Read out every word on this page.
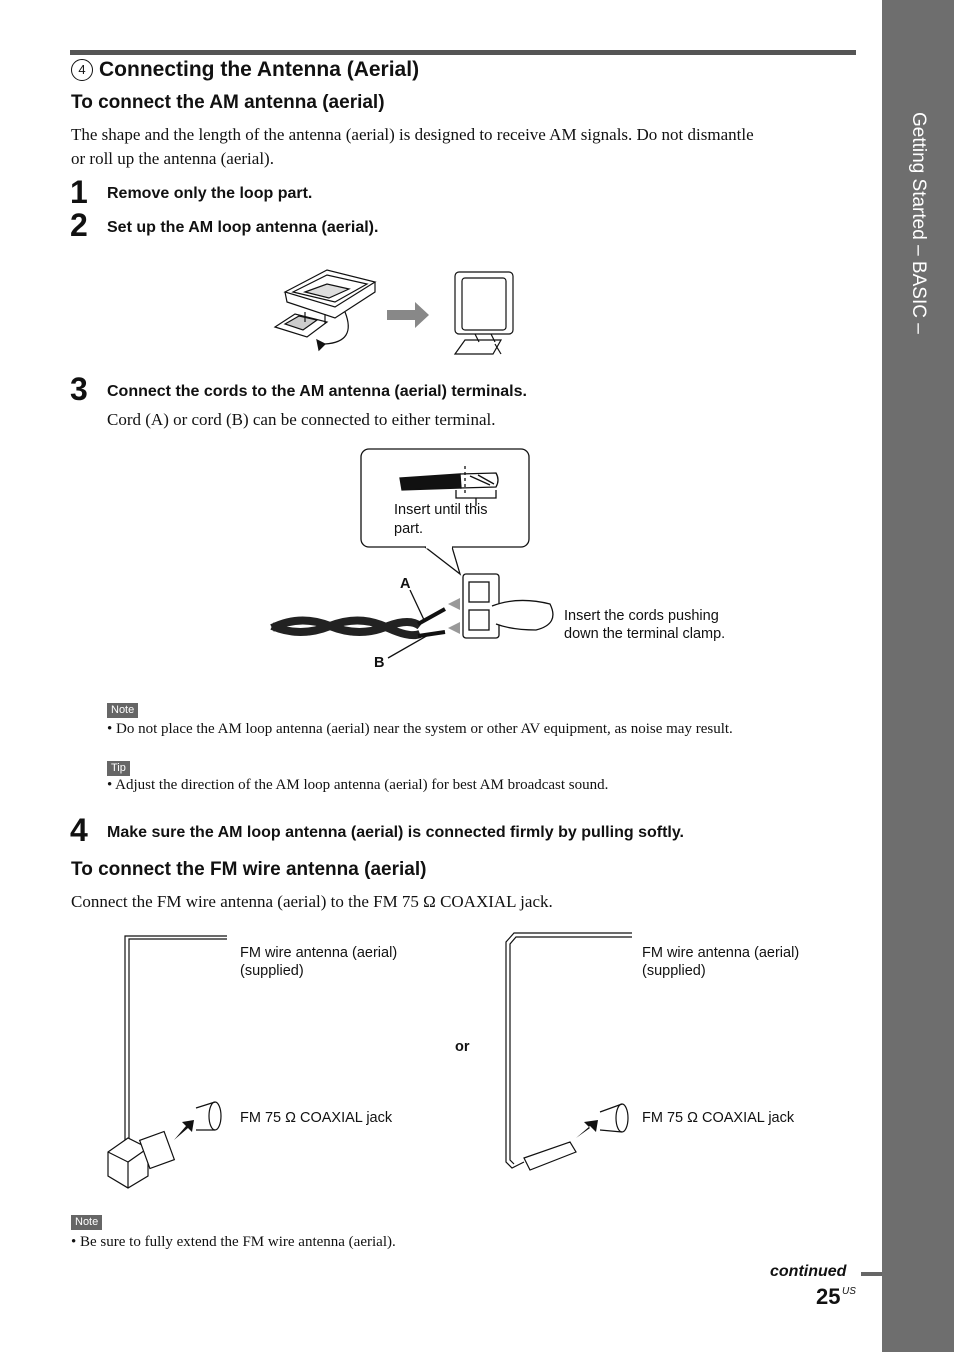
Getting Started – BASIC –
4 Connecting the Antenna (Aerial)
To connect the AM antenna (aerial)
The shape and the length of the antenna (aerial) is designed to receive AM signals. Do not dismantle
or roll up the antenna (aerial).
1 Remove only the loop part.
2 Set up the AM loop antenna (aerial).
3 Connect the cords to the AM antenna (aerial) terminals.
Cord (A) or cord (B) can be connected to either terminal.
Insert until this
part.
A
B
Insert the cords pushing
down the terminal clamp.
Note
• Do not place the AM loop antenna (aerial) near the system or other AV equipment, as noise may result.
Tip
• Adjust the direction of the AM loop antenna (aerial) for best AM broadcast sound.
4 Make sure the AM loop antenna (aerial) is connected firmly by pulling softly.
To connect the FM wire antenna (aerial)
Connect the FM wire antenna (aerial) to the FM 75 Ω COAXIAL jack.
FM wire antenna (aerial)
(supplied)
FM 75 Ω COAXIAL jack
or
FM wire antenna (aerial)
(supplied)
FM 75 Ω COAXIAL jack
Note
• Be sure to fully extend the FM wire antenna (aerial).
continued
25 US
